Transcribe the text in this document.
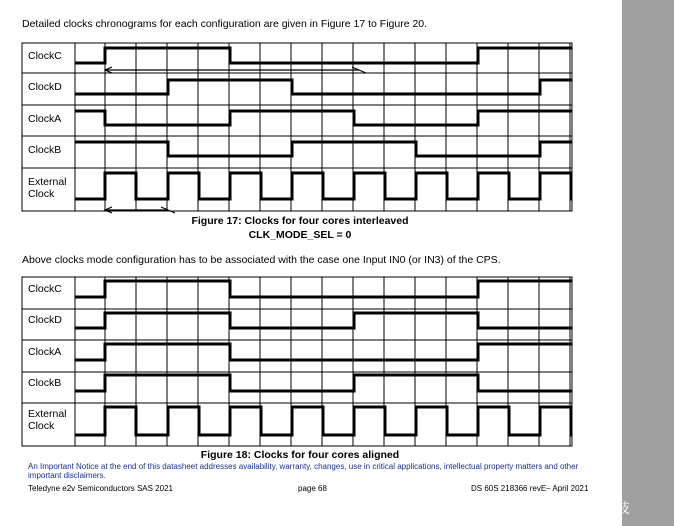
Detailed clocks chronograms for each configuration are given in Figure 17 to Figure 20.
ClockC
ClockD
ClockA
ClockB
External Clock
Figure 17: Clocks for four cores interleaved
CLK_MODE_SEL = 0
Above clocks mode configuration has to be associated with the case one Input IN0 (or IN3) of the CPS.
ClockC
ClockD
ClockA
ClockB
External Clock
Figure 18: Clocks for four cores aligned
An Important Notice at the end of this datasheet addresses availability, warranty, changes, use in critical applications, intellectual property matters and other important disclaimers.
Teledyne e2v Semiconductors SAS 2021	page 68	DS 60S 218366 revE– April 2021
CSDN @知芯电子科技
